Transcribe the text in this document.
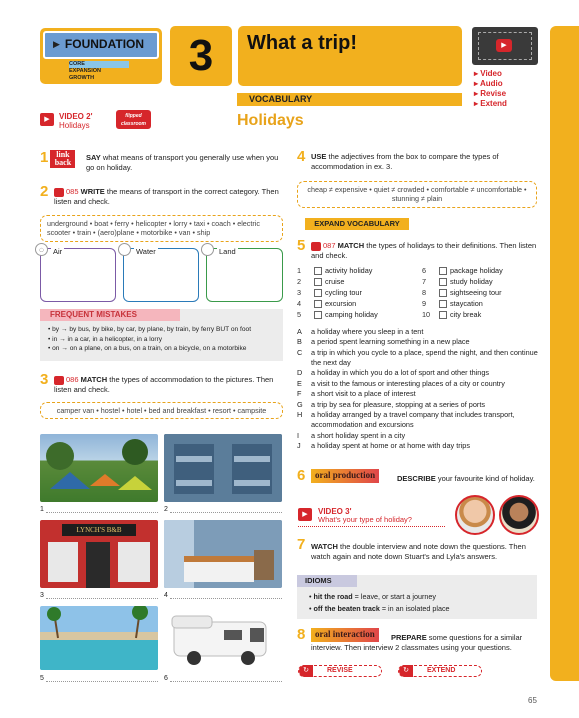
▶ FOUNDATION
CORE
EXPANSION
GROWTH	3	What a trip!	▶
▸ Video
▸ Audio
▸ Revise
▸ Extend
VOCABULARY
Holidays
▶	VIDEO 2'
Holidays
flipped classroom
1 link back
SAY what means of transport you generally use when you go on holiday.
2	085 WRITE the means of transport in the correct category. Then listen and check.
underground • boat • ferry • helicopter • lorry • taxi • coach • electric scooter • train • (aero)plane • motorbike • van • ship
Air
◯	Water	Land
FREQUENT MISTAKES
• by → by bus, by bike, by car, by plane, by train, by ferry BUT on foot
• in → in a car, in a helicopter, in a lorry
• on → on a plane, on a bus, on a train, on a bicycle, on a motorbike
3	086 MATCH the types of accommodation to the pictures. Then listen and check.
camper van • hostel • hotel • bed and breakfast • resort • campsite
1	2
LYNCH'S B&B
3	4
5	6
4 USE the adjectives from the box to compare the types of accommodation in ex. 3.
cheap ≠ expensive • quiet ≠ crowded • comfortable ≠ uncomfortable • stunning ≠ plain
EXPAND VOCABULARY
5	087 MATCH the types of holidays to their definitions. Then listen and check.
1	activity holiday
2	cruise
3	cycling tour
4	excursion
5	camping holiday
6	package holiday
7	study holiday
8	sightseeing tour
9	staycation
10	city break
A	a holiday where you sleep in a tent
B	a period spent learning something in a new place
C	a trip in which you cycle to a place, spend the night, and then continue the next day
D	a holiday in which you do a lot of sport and other things
E	a visit to the famous or interesting places of a city or country
F	a short visit to a place of interest
G	a trip by sea for pleasure, stopping at a series of ports
H	a holiday arranged by a travel company that includes transport, accommodation and excursions
I	a short holiday spent in a city
J	a holiday spent at home or at home with day trips
6	oral production	DESCRIBE your favourite kind of holiday.
▶	VIDEO 3'
What's your type of holiday?
7 WATCH the double interview and note down the questions. Then watch again and note down Stuart's and Lyla's answers.
IDIOMS
• hit the road = leave, or start a journey
• off the beaten track = in an isolated place
8	oral interaction	PREPARE some questions for a similar interview. Then interview 2 classmates using your questions.
↻	REVISE	↻	EXTEND
65
